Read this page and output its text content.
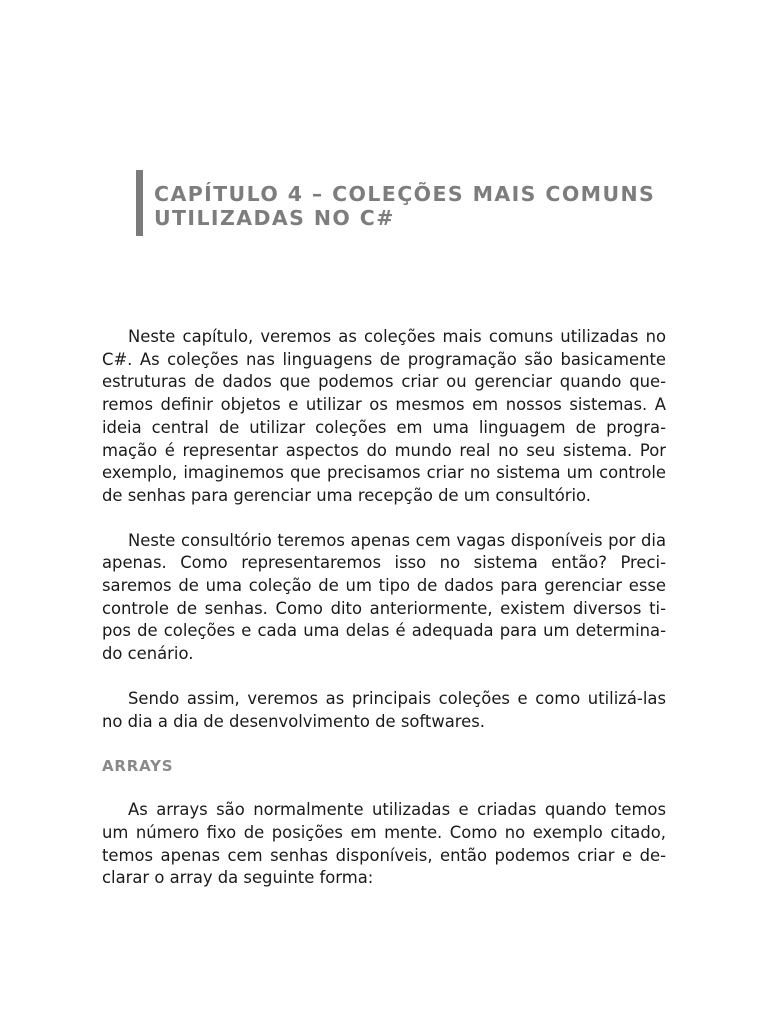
CAPÍTULO 4 – COLEÇÕES MAIS COMUNS
UTILIZADAS NO C#

Neste capítulo, veremos as coleções mais comuns utilizadas no C#. As coleções nas linguagens de programação são basicamente estruturas de dados que podemos criar ou gerenciar quando queremos definir objetos e utilizar os mesmos em nossos sistemas. A ideia central de utilizar coleções em uma linguagem de programação é representar aspectos do mundo real no seu sistema. Por exemplo, imaginemos que precisamos criar no sistema um controle de senhas para gerenciar uma recepção de um consultório.

Neste consultório teremos apenas cem vagas disponíveis por dia apenas. Como representaremos isso no sistema então? Precisaremos de uma coleção de um tipo de dados para gerenciar esse controle de senhas. Como dito anteriormente, existem diversos tipos de coleções e cada uma delas é adequada para um determinado cenário.

Sendo assim, veremos as principais coleções e como utilizá-las no dia a dia de desenvolvimento de softwares.

ARRAYS

As arrays são normalmente utilizadas e criadas quando temos um número fixo de posições em mente. Como no exemplo citado, temos apenas cem senhas disponíveis, então podemos criar e declarar o array da seguinte forma:
